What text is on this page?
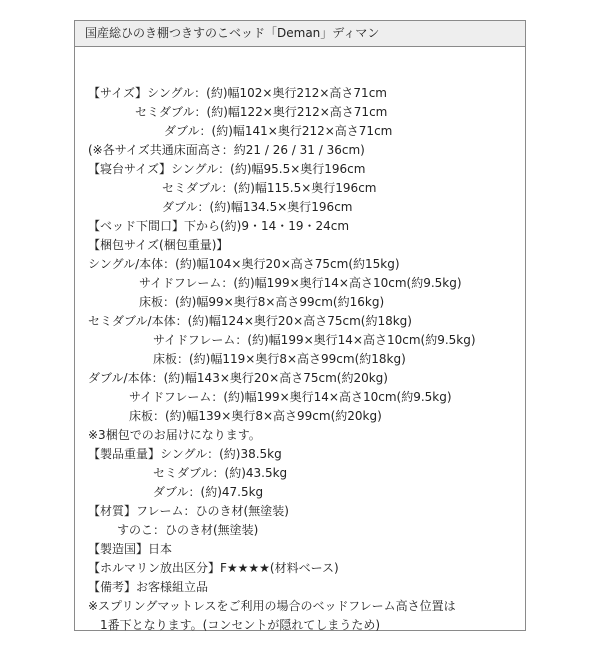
国産総ひのき棚つきすのこベッド「Deman」ディマン
【サイズ】シングル：(約)幅102×奥行212×高さ71cm
セミダブル：(約)幅122×奥行212×高さ71cm
ダブル：(約)幅141×奥行212×高さ71cm
(※各サイズ共通床面高さ：約21 / 26 / 31 / 36cm)
【寝台サイズ】シングル：(約)幅95.5×奥行196cm
セミダブル：(約)幅115.5×奥行196cm
ダブル：(約)幅134.5×奥行196cm
【ベッド下間口】下から(約)9・14・19・24cm
【梱包サイズ(梱包重量)】
シングル/本体：(約)幅104×奥行20×高さ75cm(約15kg)
サイドフレーム：(約)幅199×奥行14×高さ10cm(約9.5kg)
床板：(約)幅99×奥行8×高さ99cm(約16kg)
セミダブル/本体：(約)幅124×奥行20×高さ75cm(約18kg)
サイドフレーム：(約)幅199×奥行14×高さ10cm(約9.5kg)
床板：(約)幅119×奥行8×高さ99cm(約18kg)
ダブル/本体：(約)幅143×奥行20×高さ75cm(約20kg)
サイドフレーム：(約)幅199×奥行14×高さ10cm(約9.5kg)
床板：(約)幅139×奥行8×高さ99cm(約20kg)
※3梱包でのお届けになります。
【製品重量】シングル：(約)38.5kg
セミダブル：(約)43.5kg
ダブル：(約)47.5kg
【材質】フレーム：ひのき材(無塗装)
すのこ：ひのき材(無塗装)
【製造国】日本
【ホルマリン放出区分】F★★★★(材料ベース)
【備考】お客様組立品
※スプリングマットレスをご利用の場合のベッドフレーム高さ位置は
1番下となります。(コンセントが隠れてしまうため)
